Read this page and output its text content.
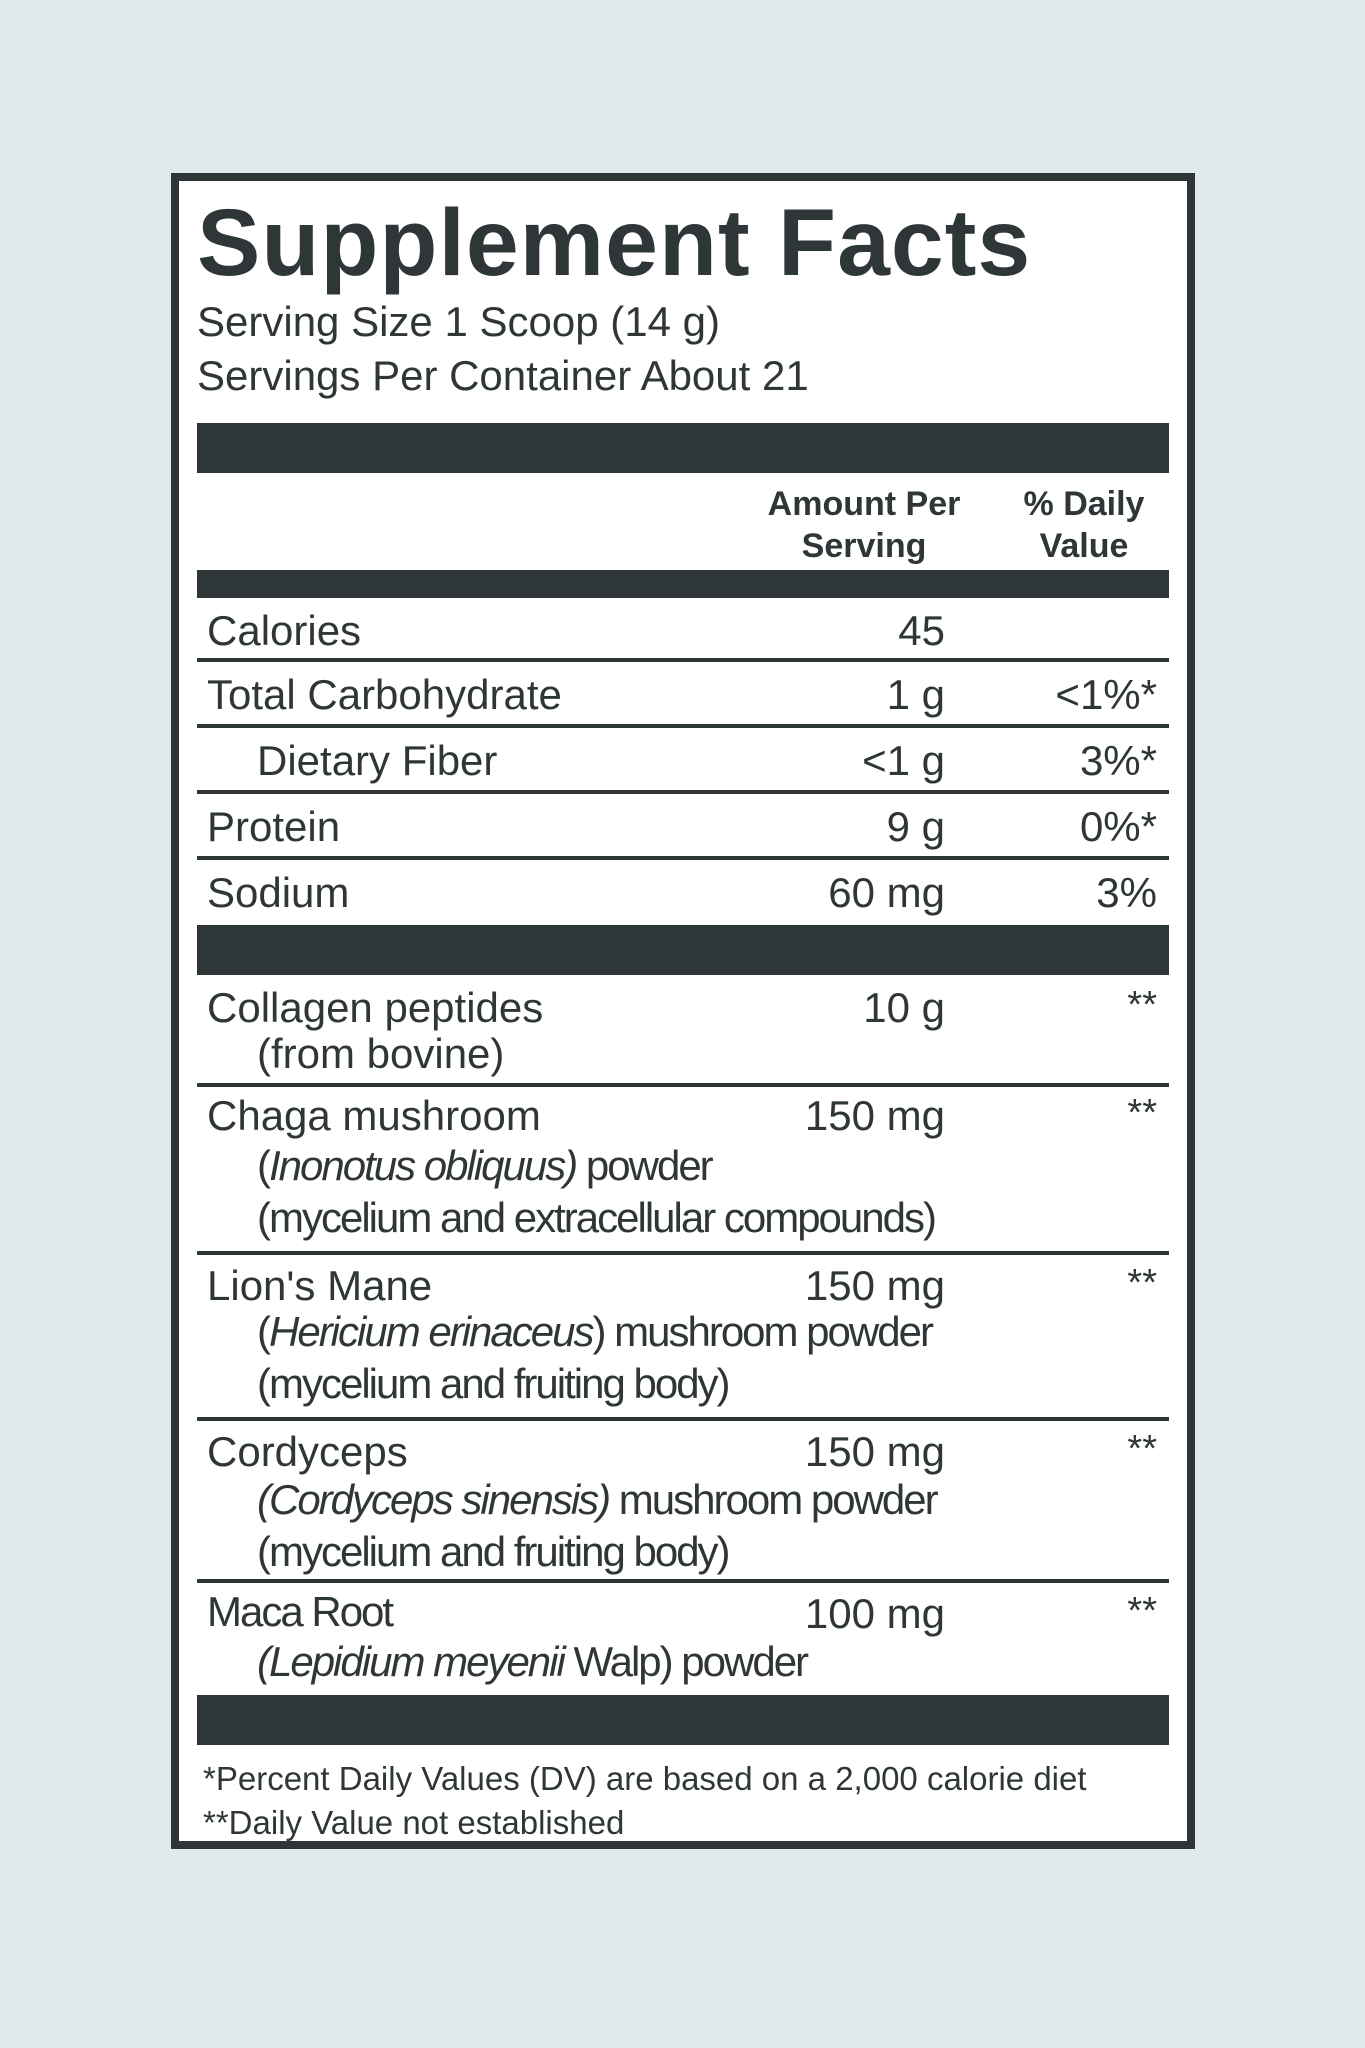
Supplement Facts
Serving Size 1 Scoop (14 g)
Servings Per Container About 21
Amount Per
Serving
% Daily
Value
Calories	45
Total Carbohydrate	1 g	<1%*
Dietary Fiber	<1 g	3%*
Protein	9 g	0%*
Sodium	60 mg	3%
Collagen peptides	10 g	**
(from bovine)
Chaga mushroom	150 mg	**
(Inonotus obliquus) powder
(mycelium and extracellular compounds)
Lion's Mane	150 mg	**
(Hericium erinaceus) mushroom powder
(mycelium and fruiting body)
Cordyceps	150 mg	**
(Cordyceps sinensis) mushroom powder
(mycelium and fruiting body)
Maca Root	100 mg	**
(Lepidium meyenii Walp) powder
*Percent Daily Values (DV) are based on a 2,000 calorie diet
**Daily Value not established
